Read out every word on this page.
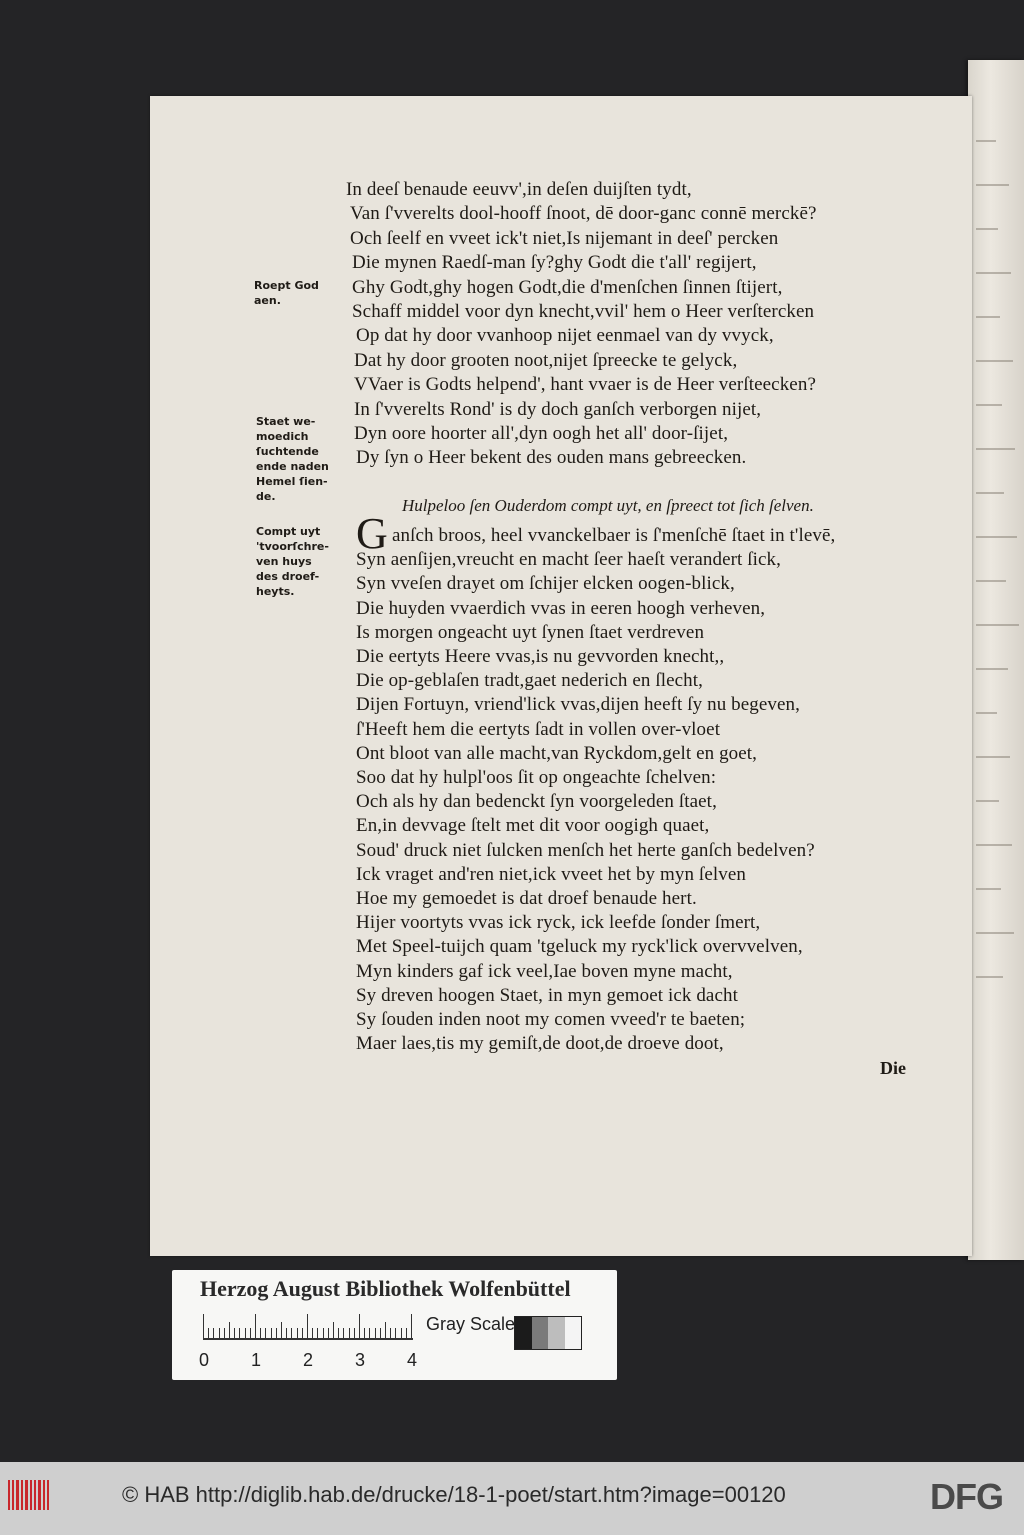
Roept God
aen.
Staet we-
moedich
ſuchtende
ende naden
Hemel ſien-
de.
Compt uyt
'tvoorſchre-
ven huys
des droef-
heyts.
In deeſ benaude eeuvv',in deſen duijſten tydt,
Van ſ'vverelts dool-hooff ſnoot, dē door-ganc connē merckē?
Och ſeelf en vveet ick't niet,Is nijemant in deeſ' percken
Die mynen Raedſ-man ſy?ghy Godt die t'all' regijert,
Ghy Godt,ghy hogen Godt,die d'menſchen ſinnen ſtijert,
Schaff middel voor dyn knecht,vvil' hem o Heer verſtercken
Op dat hy door vvanhoop nijet eenmael van dy vvyck,
Dat hy door grooten noot,nijet ſpreecke te gelyck,
VVaer is Godts helpend', hant vvaer is de Heer verſteecken?
In ſ'vverelts Rond' is dy doch ganſch verborgen nijet,
Dyn oore hoorter all',dyn oogh het all' door-ſijet,
Dy ſyn o Heer bekent des ouden mans gebreecken.
Hulpeloo ſen Ouderdom compt uyt, en ſpreect tot ſich ſelven.
G anſch broos, heel vvanckelbaer is ſ'menſchē ſtaet in t'levē,
Syn aenſijen,vreucht en macht ſeer haeſt verandert ſick,
Syn vveſen drayet om ſchijer elcken oogen-blick,
Die huyden vvaerdich vvas in eeren hoogh verheven,
Is morgen ongeacht uyt ſynen ſtaet verdreven
Die eertyts Heere vvas,is nu gevvorden knecht,,
Die op-geblaſen tradt,gaet nederich en ſlecht,
Dijen Fortuyn, vriend'lick vvas,dijen heeft ſy nu begeven,
ſ'Heeft hem die eertyts ſadt in vollen over-vloet
Ont bloot van alle macht,van Ryckdom,gelt en goet,
Soo dat hy hulpl'oos ſit op ongeachte ſchelven:
Och als hy dan bedenckt ſyn voorgeleden ſtaet,
En,in devvage ſtelt met dit voor oogigh quaet,
Soud' druck niet ſulcken menſch het herte ganſch bedelven?
Ick vraget and'ren niet,ick vveet het by myn ſelven
Hoe my gemoedet is dat droef benaude hert.
Hijer voortyts vvas ick ryck, ick leefde ſonder ſmert,
Met Speel-tuijch quam 'tgeluck my ryck'lick overvvelven,
Myn kinders gaf ick veel,Iae boven myne macht,
Sy dreven hoogen Staet, in myn gemoet ick dacht
Sy ſouden inden noot my comen vveed'r te baeten;
Maer laes,tis my gemiſt,de doot,de droeve doot,
Die
Herzog August Bibliothek Wolfenbüttel
0 1 2 3 4
Gray Scale
© HAB http://diglib.hab.de/drucke/18-1-poet/start.htm?image=00120	DFG
